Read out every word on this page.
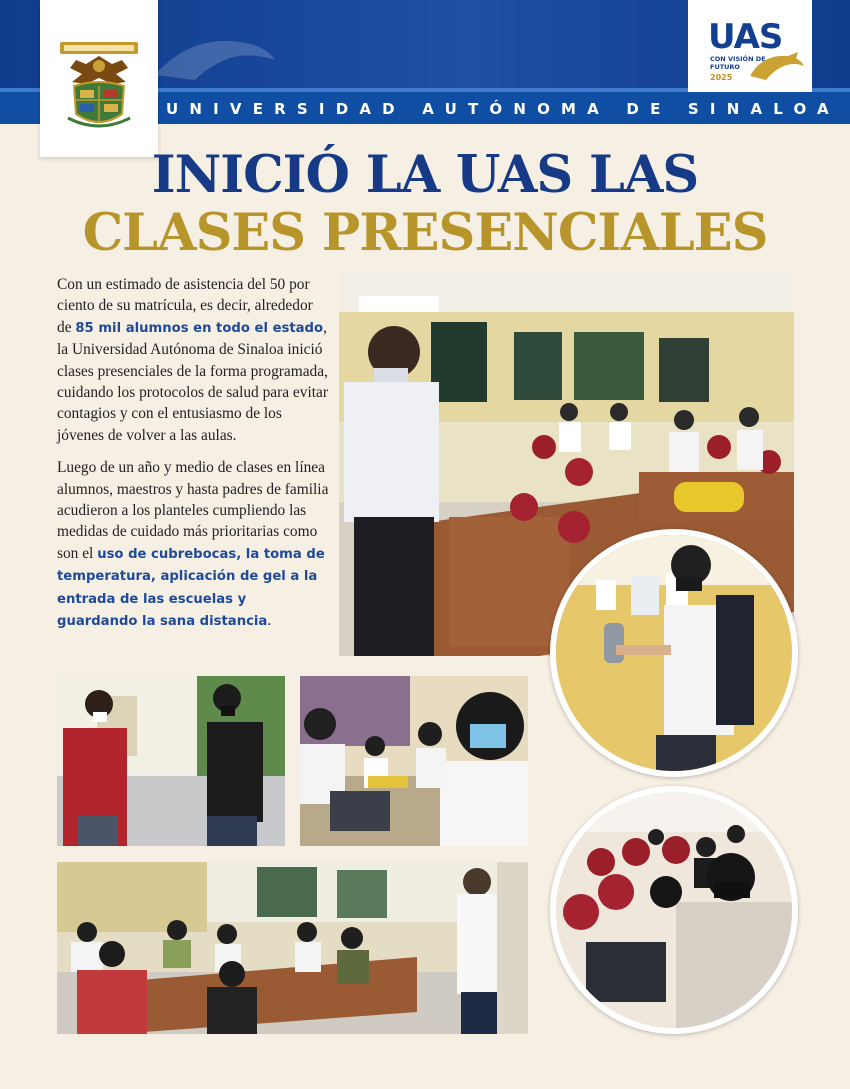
UNIVERSIDAD AUTÓNOMA DE SINALOA
UAS
CON VISIÓN DE FUTURO
2025
INICIÓ LA UAS LAS
CLASES PRESENCIALES

Con un estimado de asistencia del 50 por ciento de su matrícula, es decir, alrededor de 85 mil alumnos en todo el estado, la Universidad Autónoma de Sinaloa inició clases presenciales de la forma programada, cuidando los protocolos de salud para evitar contagios y con el entusiasmo de los jóvenes de volver a las aulas.

Luego de un año y medio de clases en línea alumnos, maestros y hasta padres de familia acudieron a los planteles cumpliendo las medidas de cuidado más prioritarias como son el uso de cubrebocas, la toma de temperatura, aplicación de gel a la entrada de las escuelas y guardando la sana distancia.
